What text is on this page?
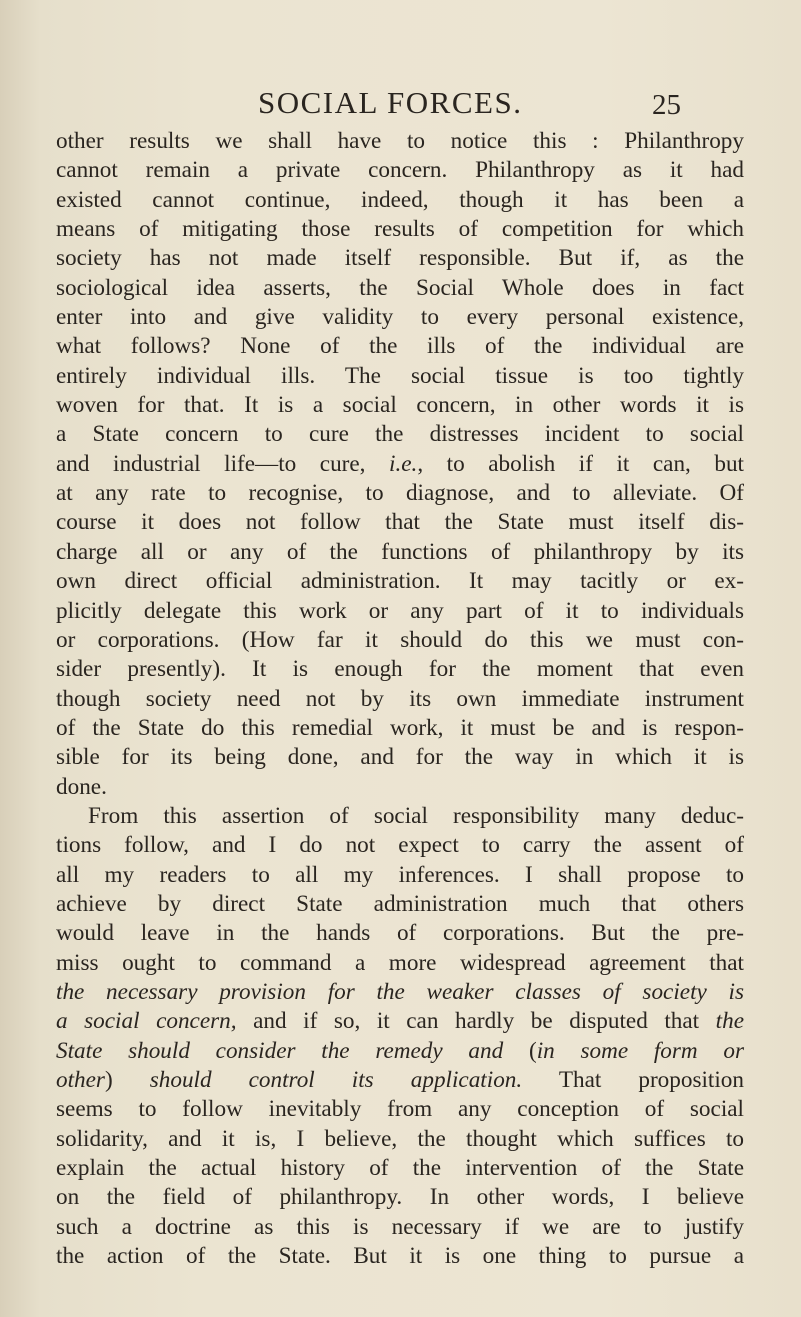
SOCIAL FORCES.	25
other results we shall have to notice this : Philanthropy
cannot remain a private concern. Philanthropy as it had
existed cannot continue, indeed, though it has been a
means of mitigating those results of competition for which
society has not made itself responsible. But if, as the
sociological idea asserts, the Social Whole does in fact
enter into and give validity to every personal existence,
what follows? None of the ills of the individual are
entirely individual ills. The social tissue is too tightly
woven for that. It is a social concern, in other words it is
a State concern to cure the distresses incident to social
and industrial life—to cure, i.e., to abolish if it can, but
at any rate to recognise, to diagnose, and to alleviate. Of
course it does not follow that the State must itself dis-
charge all or any of the functions of philanthropy by its
own direct official administration. It may tacitly or ex-
plicitly delegate this work or any part of it to individuals
or corporations. (How far it should do this we must con-
sider presently). It is enough for the moment that even
though society need not by its own immediate instrument
of the State do this remedial work, it must be and is respon-
sible for its being done, and for the way in which it is
done.
From this assertion of social responsibility many deduc-
tions follow, and I do not expect to carry the assent of
all my readers to all my inferences. I shall propose to
achieve by direct State administration much that others
would leave in the hands of corporations. But the pre-
miss ought to command a more widespread agreement that
the necessary provision for the weaker classes of society is
a social concern, and if so, it can hardly be disputed that the
State should consider the remedy and (in some form or
other) should control its application. That proposition
seems to follow inevitably from any conception of social
solidarity, and it is, I believe, the thought which suffices to
explain the actual history of the intervention of the State
on the field of philanthropy. In other words, I believe
such a doctrine as this is necessary if we are to justify
the action of the State. But it is one thing to pursue a
